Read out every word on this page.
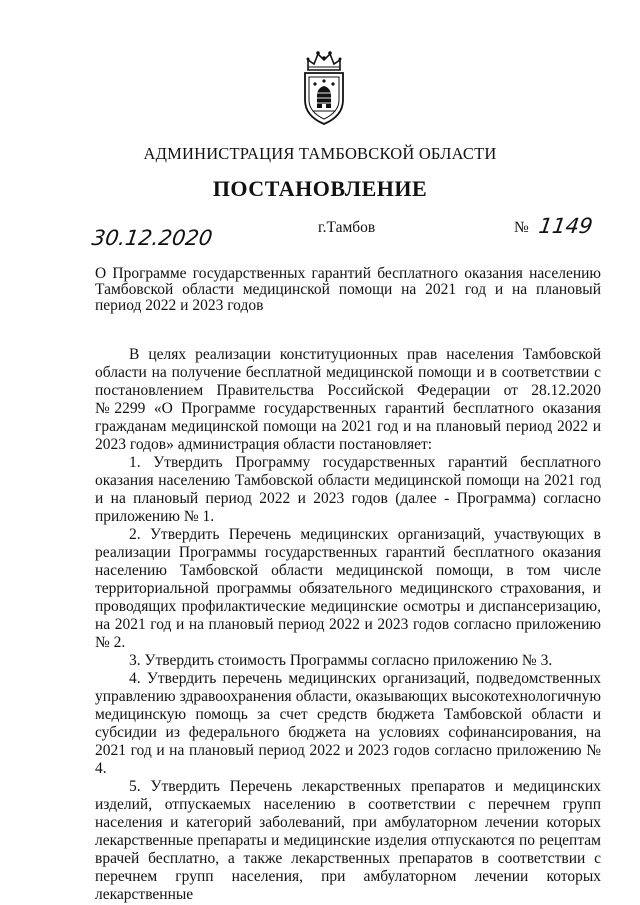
АДМИНИСТРАЦИЯ ТАМБОВСКОЙ ОБЛАСТИ
ПОСТАНОВЛЕНИЕ
30.12.2020	г.Тамбов	№ 1149
О Программе государственных гарантий бесплатного оказания населению Тамбовской области медицинской помощи на 2021 год и на плановый период 2022 и 2023 годов

В целях реализации конституционных прав населения Тамбовской области на получение бесплатной медицинской помощи и в соответствии с постановлением Правительства Российской Федерации от 28.12.2020 №2299 «О Программе государственных гарантий бесплатного оказания гражданам медицинской помощи на 2021 год и на плановый период 2022 и 2023 годов» администрация области постановляет:

1. Утвердить Программу государственных гарантий бесплатного оказания населению Тамбовской области медицинской помощи на 2021 год и на плановый период 2022 и 2023 годов (далее - Программа) согласно приложению № 1.

2. Утвердить Перечень медицинских организаций, участвующих в реализации Программы государственных гарантий бесплатного оказания населению Тамбовской области медицинской помощи, в том числе территориальной программы обязательного медицинского страхования, и проводящих профилактические медицинские осмотры и диспансеризацию, на 2021 год и на плановый период 2022 и 2023 годов согласно приложению № 2.

3. Утвердить стоимость Программы согласно приложению № 3.

4. Утвердить перечень медицинских организаций, подведомственных управлению здравоохранения области, оказывающих высокотехнологичную медицинскую помощь за счет средств бюджета Тамбовской области и субсидии из федерального бюджета на условиях софинансирования, на 2021 год и на плановый период 2022 и 2023 годов согласно приложению № 4.

5. Утвердить Перечень лекарственных препаратов и медицинских изделий, отпускаемых населению в соответствии с перечнем групп населения и категорий заболеваний, при амбулаторном лечении которых лекарственные препараты и медицинские изделия отпускаются по рецептам врачей бесплатно, а также лекарственных препаратов в соответствии с перечнем групп населения, при амбулаторном лечении которых лекарственные
